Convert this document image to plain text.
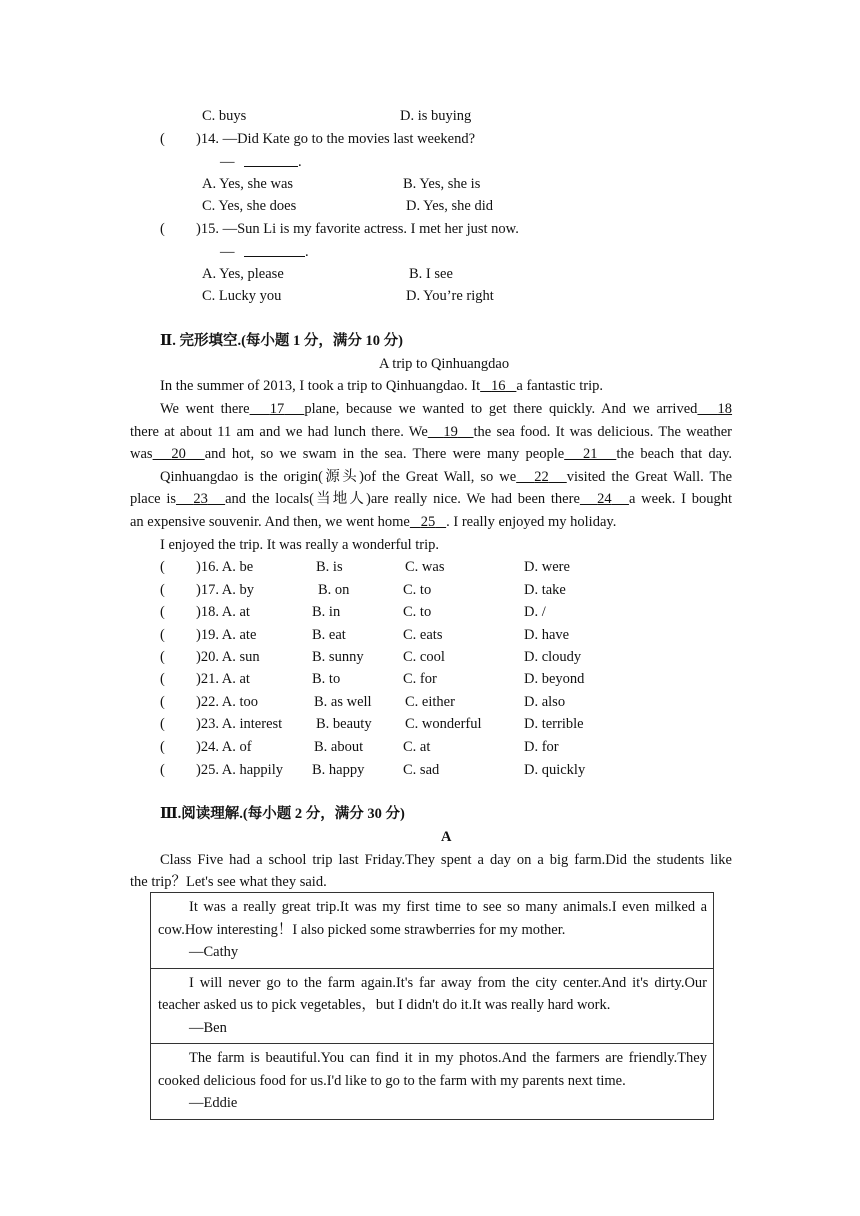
C. buys	D. is buying
( )14. —Did Kate go to the movies last weekend?
—	.
A. Yes, she was	B. Yes, she is
C. Yes, she does	D. Yes, she did
( )15. —Sun Li is my favorite actress. I met her just now.
—	.
A. Yes, please	B. I see
C. Lucky you	D. You’re right
Ⅱ. 完形填空.(每小题 1 分，满分 10 分)
A trip to Qinhuangdao
In the summer of 2013, I took a trip to Qinhuangdao. It 16 a fantastic trip.
We went there 17 plane, because we wanted to get there quickly. And we arrived 18
there at about 11 am and we had lunch there. We 19 the sea food. It was delicious. The weather
was 20 and hot, so we swam in the sea. There were many people 21 the beach that day.
Qinhuangdao is the origin(源头)of the Great Wall, so we 22 visited the Great Wall. The
place is 23 and the locals(当地人)are really nice. We had been there 24 a week. I bought
an expensive souvenir. And then, we went home 25 . I really enjoyed my holiday.
I enjoyed the trip. It was really a wonderful trip.
( )16. A. be	B. is	C. was	D. were
( )17. A. by	B. on	C. to	D. take
( )18. A. at	B. in	C. to	D. /
( )19. A. ate	B. eat	C. eats	D. have
( )20. A. sun	B. sunny	C. cool	D. cloudy
( )21. A. at	B. to	C. for	D. beyond
( )22. A. too	B. as well C. either	D. also
( )23. A. interest B. beauty C. wonderful	D. terrible
( )24. A. of	B. about	C. at	D. for
( )25. A. happily B. happy	C. sad	D. quickly
Ⅲ.阅读理解.(每小题 2 分，满分 30 分)
A
Class Five had a school trip last Friday.They spent a day on a big farm.Did the students like
the trip？Let's see what they said.
It was a really great trip.It was my first time to see so many animals.I even milked a cow.How interesting！I also picked some strawberries for my mother.
—Cathy

I will never go to the farm again.It's far away from the city center.And it's dirty.Our teacher asked us to pick vegetables，but I didn't do it.It was really hard work.
—Ben

The farm is beautiful.You can find it in my photos.And the farmers are friendly.They cooked delicious food for us.I'd like to go to the farm with my parents next time.
—Eddie
